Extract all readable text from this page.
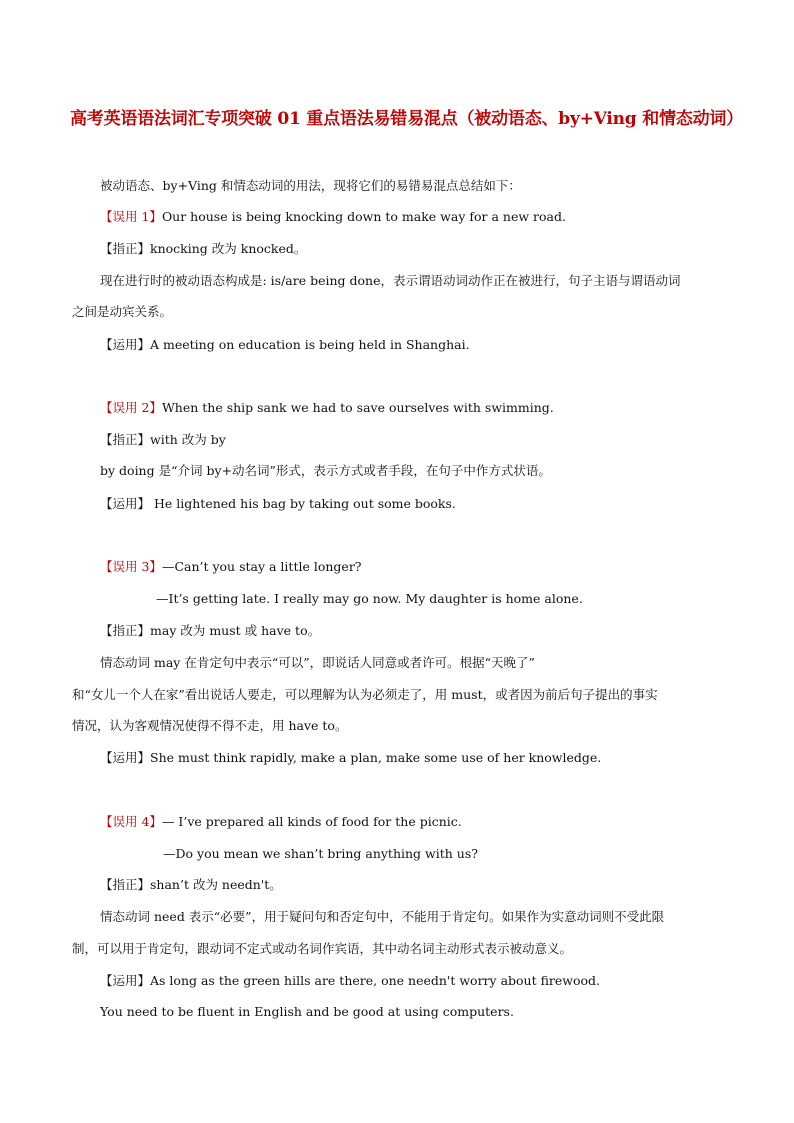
高考英语语法词汇专项突破 01 重点语法易错易混点（被动语态、by+Ving 和情态动词）
被动语态、by+Ving 和情态动词的用法，现将它们的易错易混点总结如下：
【误用 1】Our house is being knocking down to make way for a new road.
【指正】knocking 改为 knocked。
现在进行时的被动语态构成是: is/are being done，表示谓语动词动作正在被进行，句子主语与谓语动词
之间是动宾关系。
【运用】A meeting on education is being held in Shanghai.
【误用 2】When the ship sank we had to save ourselves with swimming.
【指正】with 改为 by
by doing 是“介词 by+动名词”形式，表示方式或者手段，在句子中作方式状语。
【运用】 He lightened his bag by taking out some books.
【误用 3】—Can’t you stay a little longer?
—It’s getting late. I really may go now. My daughter is home alone.
【指正】may 改为 must 或 have to。
情态动词 may 在肯定句中表示“可以”，即说话人同意或者许可。根据“天晚了”
和“女儿一个人在家”看出说话人要走，可以理解为认为必须走了，用 must，或者因为前后句子提出的事实
情况，认为客观情况使得不得不走，用 have to。
【运用】She must think rapidly, make a plan, make some use of her knowledge.
【误用 4】— I’ve prepared all kinds of food for the picnic.
—Do you mean we shan’t bring anything with us?
【指正】shan’t 改为 needn't。
情态动词 need 表示“必要”，用于疑问句和否定句中，不能用于肯定句。如果作为实意动词则不受此限
制，可以用于肯定句，跟动词不定式或动名词作宾语，其中动名词主动形式表示被动意义。
【运用】As long as the green hills are there, one needn't worry about firewood.
You need to be fluent in English and be good at using computers.
